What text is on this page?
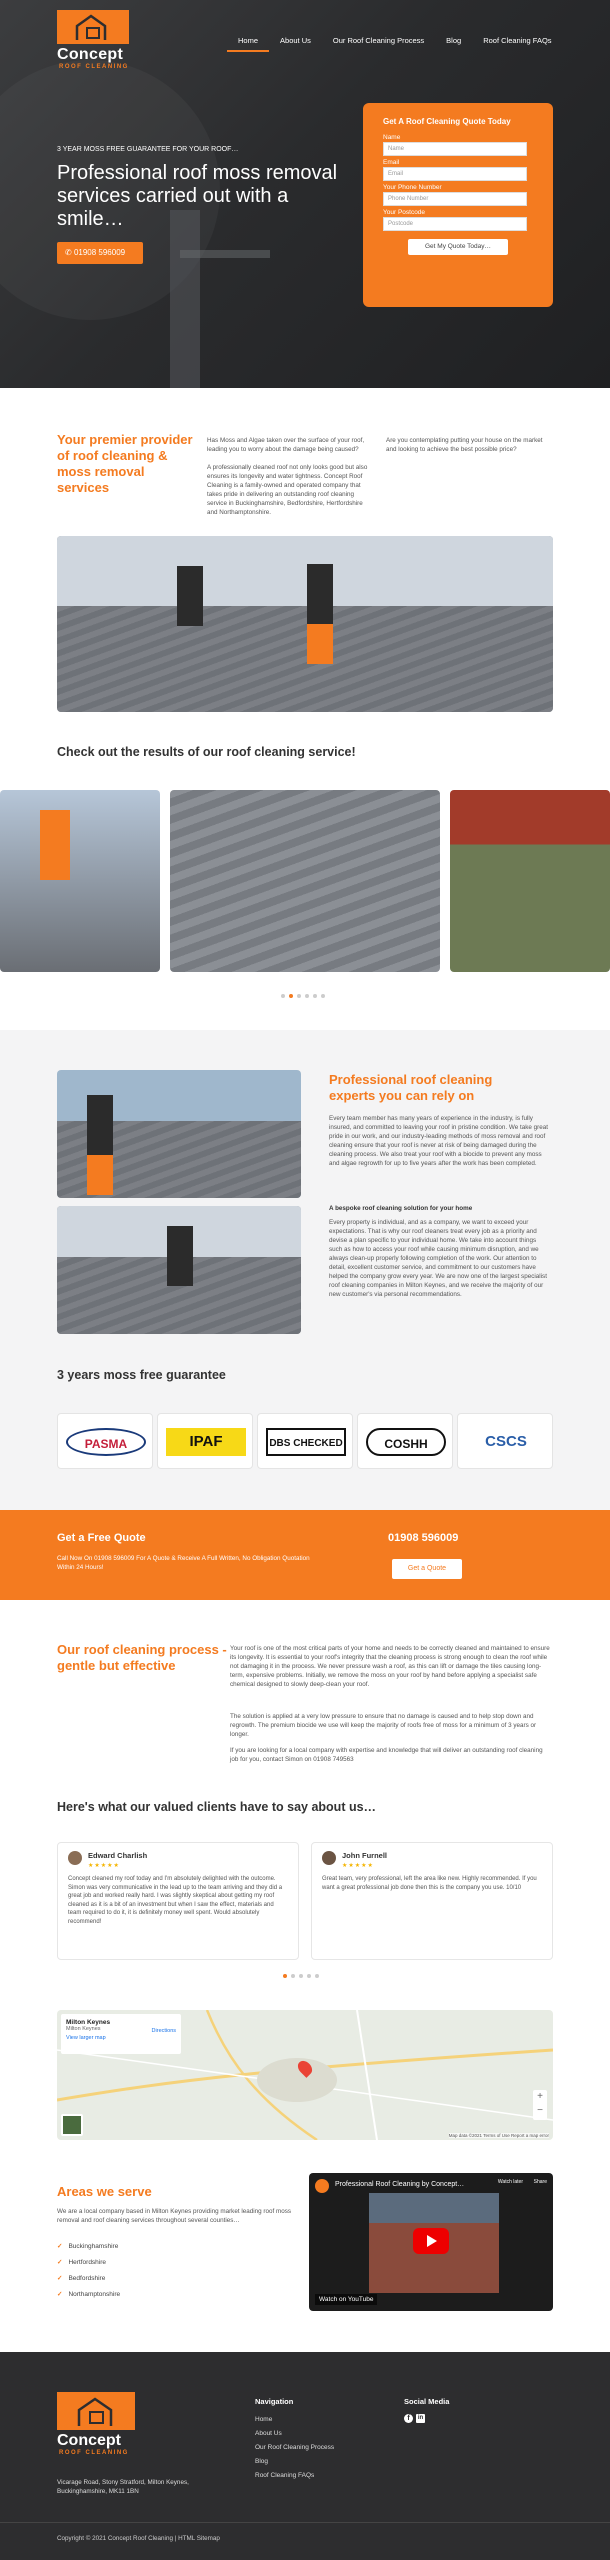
Concept
ROOF CLEANING
Home	About Us	Our Roof Cleaning Process	Blog	Roof Cleaning FAQs
3 YEAR MOSS FREE GUARANTEE FOR YOUR ROOF…
Professional roof moss removal services carried out with a smile…
✆ 01908 596009
Get A Roof Cleaning Quote Today
Name
Name
Email
Email
Your Phone Number
Phone Number
Your Postcode
Postcode
Get My Quote Today…
Your premier provider of roof cleaning & moss removal services

Has Moss and Algae taken over the surface of your roof, leading you to worry about the damage being caused?

A professionally cleaned roof not only looks good but also ensures its longevity and water tightness. Concept Roof Cleaning is a family-owned and operated company that takes pride in delivering an outstanding roof cleaning service in Buckinghamshire, Bedfordshire, Hertfordshire and Northamptonshire.

Are you contemplating putting your house on the market and looking to achieve the best possible price?
Check out the results of our roof cleaning service!
Professional roof cleaning experts you can rely on
Every team member has many years of experience in the industry, is fully insured, and committed to leaving your roof in pristine condition. We take great pride in our work, and our industry-leading methods of moss removal and roof cleaning ensure that your roof is never at risk of being damaged during the cleaning process. We also treat your roof with a biocide to prevent any moss and algae regrowth for up to five years after the work has been completed.
A bespoke roof cleaning solution for your home
Every property is individual, and as a company, we want to exceed your expectations. That is why our roof cleaners treat every job as a priority and devise a plan specific to your individual home. We take into account things such as how to access your roof while causing minimum disruption, and we always clean-up properly following completion of the work. Our attention to detail, excellent customer service, and commitment to our customers have helped the company grow every year. We are now one of the largest specialist roof cleaning companies in Milton Keynes, and we receive the majority of our new customer's via personal recommendations.
3 years moss free guarantee
PASMA	IPAF	DBS CHECKED	COSHH	CSCS
Get a Free Quote
Call Now On 01908 596009 For A Quote & Receive A Full Written, No Obligation Quotation Within 24 Hours!
01908 596009
Get a Quote
Our roof cleaning process - gentle but effective
Your roof is one of the most critical parts of your home and needs to be correctly cleaned and maintained to ensure its longevity. It is essential to your roof's integrity that the cleaning process is strong enough to clean the roof while not damaging it in the process. We never pressure wash a roof, as this can lift or damage the tiles causing long-term, expensive problems. Initially, we remove the moss on your roof by hand before applying a specialist safe chemical designed to slowly deep-clean your roof.
The solution is applied at a very low pressure to ensure that no damage is caused and to help stop down and regrowth. The premium biocide we use will keep the majority of roofs free of moss for a minimum of 3 years or longer.
If you are looking for a local company with expertise and knowledge that will deliver an outstanding roof cleaning job for you, contact Simon on 01908 749563
Here's what our valued clients have to say about us…
Edward Charlish
★★★★★
Concept cleaned my roof today and I'm absolutely delighted with the outcome. Simon was very communicative in the lead up to the team arriving and they did a great job and worked really hard. I was slightly skeptical about getting my roof cleaned as it is a bit of an investment but when I saw the effect, materials and team required to do it, it is definitely money well spent. Would absolutely recommend!
John Furnell
★★★★★
Great team, very professional, left the area like new. Highly recommended. If you want a great professional job done then this is the company you use. 10/10
Milton Keynes
Milton Keynes
View larger map
Directions
+
−
Map data ©2021 Terms of Use Report a map error
Areas we serve
We are a local company based in Milton Keynes providing market leading roof moss removal and roof cleaning services throughout several counties…
✓ Buckinghamshire
✓ Hertfordshire
✓ Bedfordshire
✓ Northamptonshire
Professional Roof Cleaning by Concept…	Watch later Share
Watch on YouTube
Concept
ROOF CLEANING
Vicarage Road, Stony Stratford, Milton Keynes, Buckinghamshire, MK11 1BN
Navigation
Home
About Us
Our Roof Cleaning Process
Blog
Roof Cleaning FAQs
Social Media
f	in
Copyright © 2021 Concept Roof Cleaning | HTML Sitemap
